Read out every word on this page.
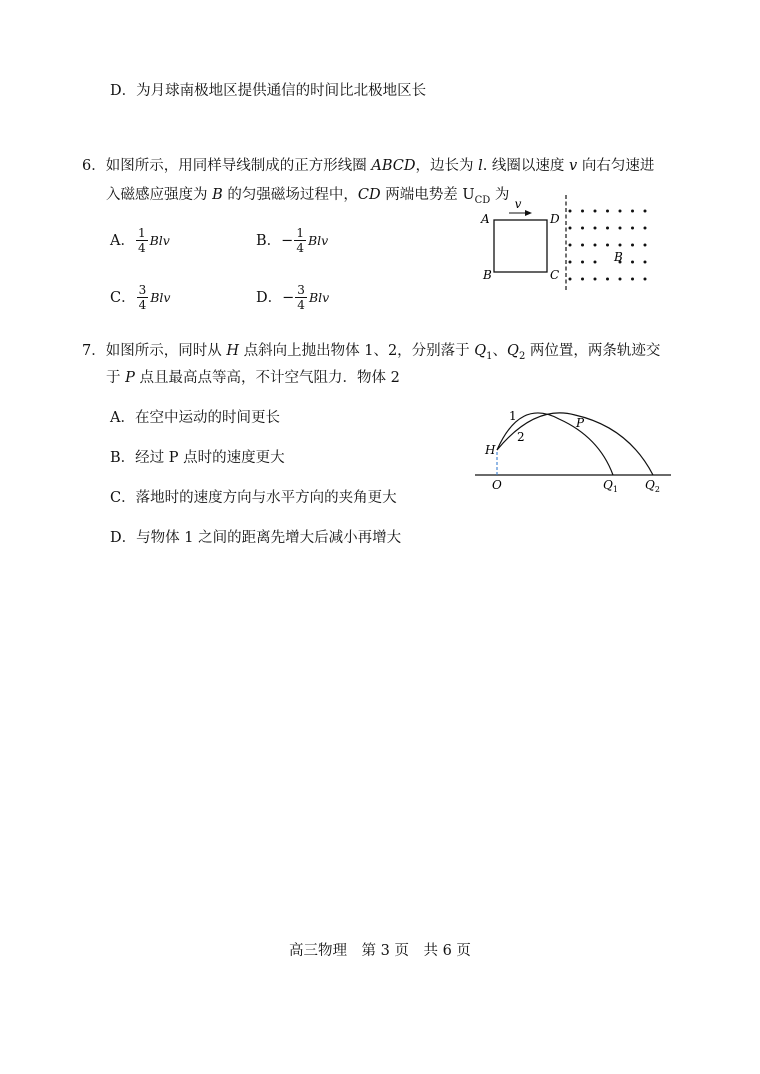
D．为月球南极地区提供通信的时间比北极地区长
6．如图所示，用同样导线制成的正方形线圈 ABCD，边长为 l. 线圈以速度 v 向右匀速进
入磁感应强度为 B 的匀强磁场过程中，CD 两端电势差 $U_{CD}$ 为
A． $\frac{1}{4}$ Blv	B．− $\frac{1}{4}$ Blv
C． $\frac{3}{4}$ Blv	D．− $\frac{3}{4}$ Blv
v
A
B	C
D
B
7．如图所示，同时从 H 点斜向上抛出物体 1、2，分别落于 $Q_1$、$Q_2$ 两位置，两条轨迹交
于 P 点且最高点等高，不计空气阻力．物体 2
A．在空中运动的时间更长
B．经过 P 点时的速度更大
C．落地时的速度方向与水平方向的夹角更大
D．与物体 1 之间的距离先增大后减小再增大
1
2
P
H
O	$Q_1$ $Q_2$
高三物理　第 3 页　共 6 页
